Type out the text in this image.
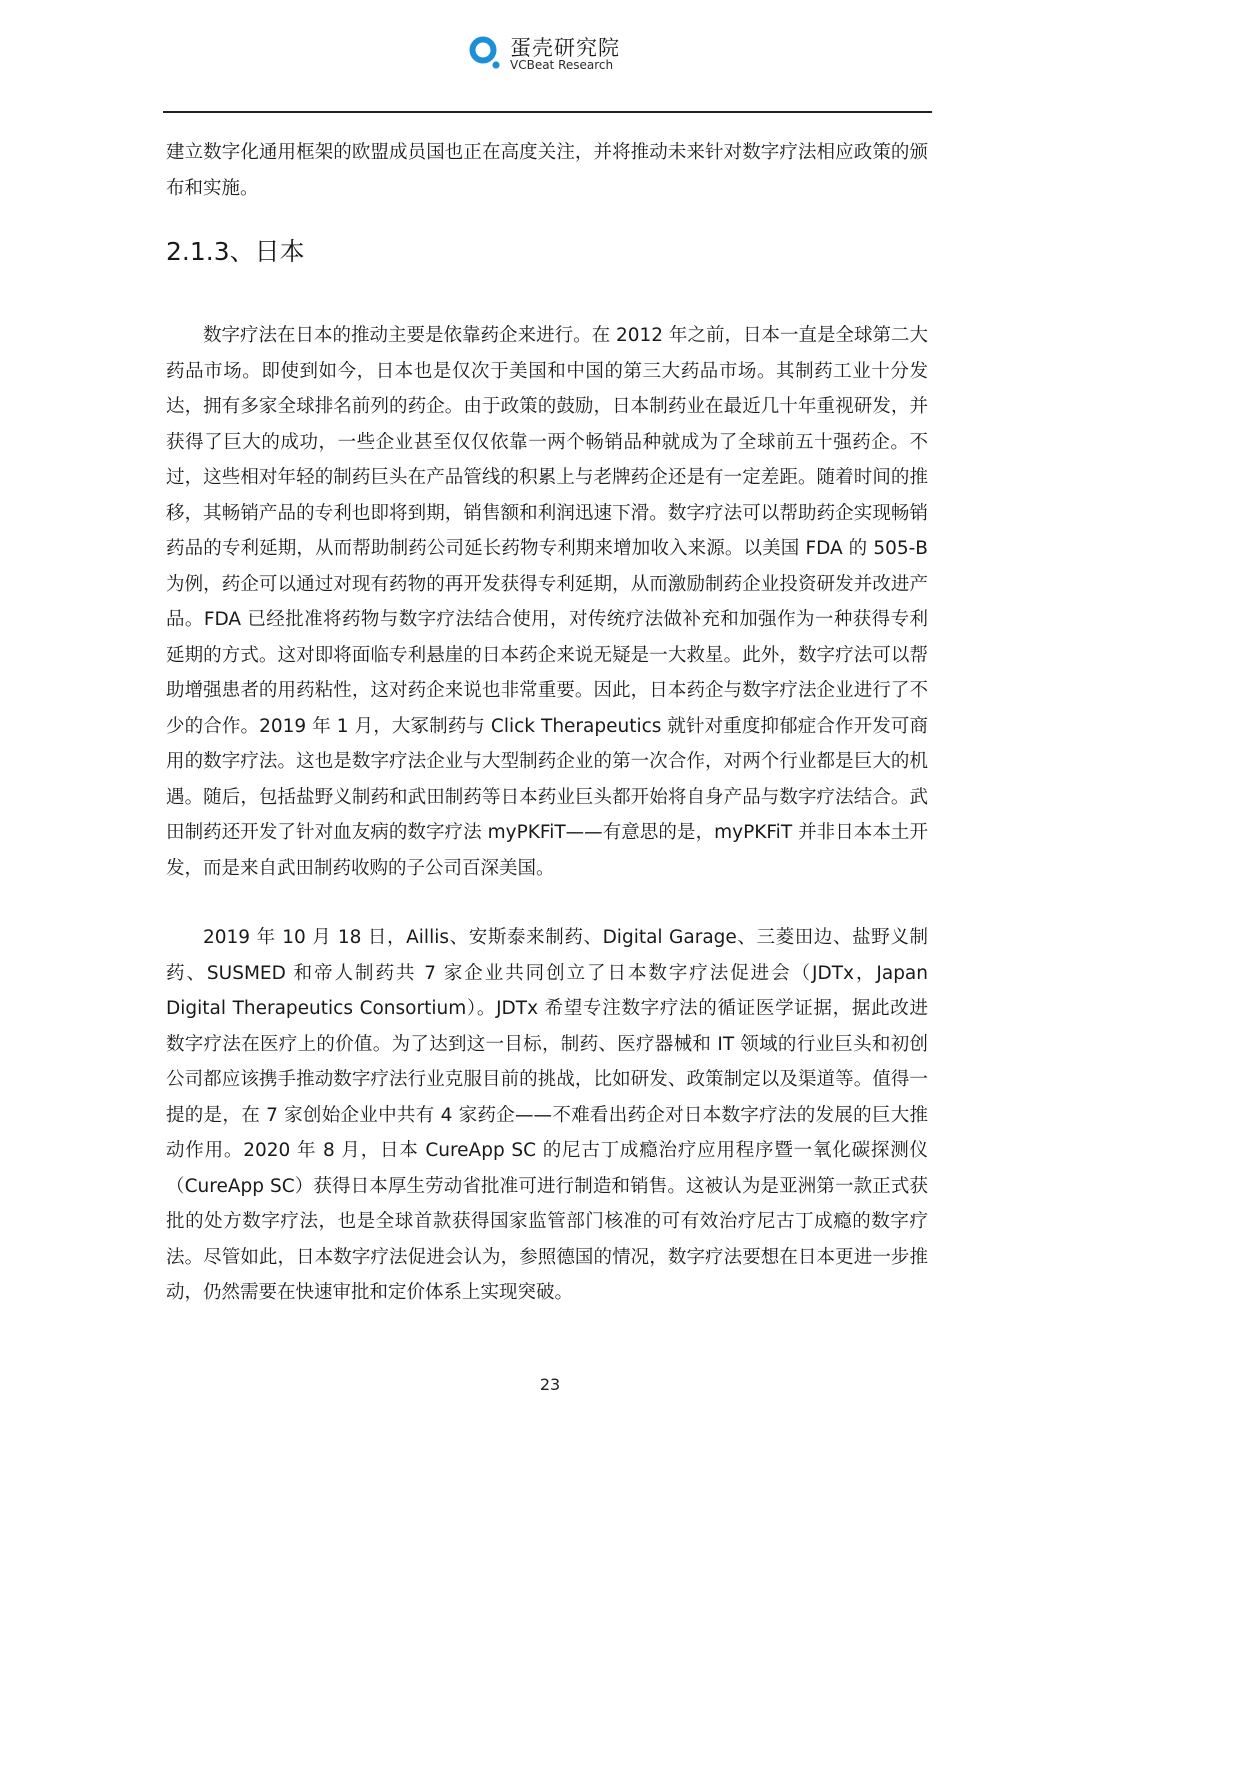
蛋壳研究院
VCBeat Research

建立数字化通用框架的欧盟成员国也正在高度关注，并将推动未来针对数字疗法相应政策的颁布和实施。

2.1.3、日本

数字疗法在日本的推动主要是依靠药企来进行。在 2012 年之前，日本一直是全球第二大药品市场。即使到如今，日本也是仅次于美国和中国的第三大药品市场。其制药工业十分发达，拥有多家全球排名前列的药企。由于政策的鼓励，日本制药业在最近几十年重视研发，并获得了巨大的成功，一些企业甚至仅仅依靠一两个畅销品种就成为了全球前五十强药企。不过，这些相对年轻的制药巨头在产品管线的积累上与老牌药企还是有一定差距。随着时间的推移，其畅销产品的专利也即将到期，销售额和利润迅速下滑。数字疗法可以帮助药企实现畅销药品的专利延期，从而帮助制药公司延长药物专利期来增加收入来源。以美国 FDA 的 505-B 为例，药企可以通过对现有药物的再开发获得专利延期，从而激励制药企业投资研发并改进产品。FDA 已经批准将药物与数字疗法结合使用，对传统疗法做补充和加强作为一种获得专利延期的方式。这对即将面临专利悬崖的日本药企来说无疑是一大救星。此外，数字疗法可以帮助增强患者的用药粘性，这对药企来说也非常重要。因此，日本药企与数字疗法企业进行了不少的合作。2019 年 1 月，大冢制药与 Click Therapeutics 就针对重度抑郁症合作开发可商用的数字疗法。这也是数字疗法企业与大型制药企业的第一次合作，对两个行业都是巨大的机遇。随后，包括盐野义制药和武田制药等日本药业巨头都开始将自身产品与数字疗法结合。武田制药还开发了针对血友病的数字疗法 myPKFiT——有意思的是，myPKFiT 并非日本本土开发，而是来自武田制药收购的子公司百深美国。

2019 年 10 月 18 日，Aillis、安斯泰来制药、Digital Garage、三菱田边、盐野义制药、SUSMED 和帝人制药共 7 家企业共同创立了日本数字疗法促进会（JDTx，Japan Digital Therapeutics Consortium）。JDTx 希望专注数字疗法的循证医学证据，据此改进数字疗法在医疗上的价值。为了达到这一目标，制药、医疗器械和 IT 领域的行业巨头和初创公司都应该携手推动数字疗法行业克服目前的挑战，比如研发、政策制定以及渠道等。值得一提的是，在 7 家创始企业中共有 4 家药企——不难看出药企对日本数字疗法的发展的巨大推动作用。2020 年 8 月，日本 CureApp SC 的尼古丁成瘾治疗应用程序暨一氧化碳探测仪（CureApp SC）获得日本厚生劳动省批准可进行制造和销售。这被认为是亚洲第一款正式获批的处方数字疗法，也是全球首款获得国家监管部门核准的可有效治疗尼古丁成瘾的数字疗法。尽管如此，日本数字疗法促进会认为，参照德国的情况，数字疗法要想在日本更进一步推动，仍然需要在快速审批和定价体系上实现突破。

23
